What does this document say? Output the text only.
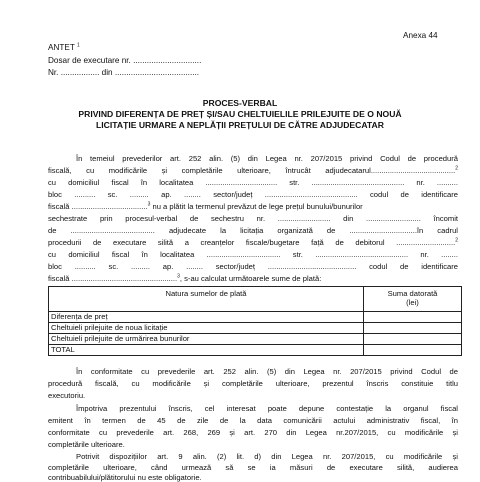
Anexa 44
ANTET $^1$
Dosar de executare nr. ..............................
Nr. ................. din .....................................
PROCES-VERBAL
PRIVIND DIFERENȚA DE PREȚ ȘI/SAU CHELTUIELILE PRILEJUITE DE O NOUĂ
LICITAȚIE URMARE A NEPLĂȚII PREȚULUI DE CĂTRE ADJUDECATAR
În temeiul prevederilor art. 252 alin. (5) din Legea nr. 207/2015 privind Codul de procedură
fiscală, cu modificările și completările ulterioare, întrucât adjudecatarul........................................$^2$
cu domiciliul fiscal în localitatea .................................. str. ............................................ nr. ..........
bloc .......... sc. ......... ap. ........ sector/județ ............................................ codul de identificare
fiscală ....................................$^3$ nu a plătit la termenul prevăzut de lege prețul bunului/bunurilor
sechestrate prin procesul-verbal de sechestru nr. ......................... din .......................... încomit
de ........................................ adjudecate la licitația organizată de ................................în cadrul
procedurii de executare silită a creanțelor fiscale/bugetare față de debitorul ............................$^2$
cu domiciliul fiscal în localitatea ................................... str. ............................................ nr. ........
bloc .......... sc. ......... ap. ........ sector/județ .......................................... codul de identificare
fiscală ..................................................$^3$, s-au calculat următoarele sume de plată:
Natura sumelor de plată	Suma datorată
(lei)
Diferența de preț	
Cheltuieli prilejuite de noua licitație	
Cheltuieli prilejuite de urmărirea bunurilor	
TOTAL	
În conformitate cu prevederile art. 252 alin. (5) din Legea nr. 207/2015 privind Codul de
procedură fiscală, cu modificările și completările ulterioare, prezentul înscris constituie titlu
executoriu.
Împotriva prezentului înscris, cel interesat poate depune contestație la organul fiscal
emitent în termen de 45 de zile de la data comunicării actului administrativ fiscal, în
conformitate cu prevederile art. 268, 269 și art. 270 din Legea nr.207/2015, cu modificările și
completările ulterioare.
Potrivit dispozițiilor art. 9 alin. (2) lit. d) din Legea nr. 207/2015, cu modificările și
completările ulterioare, când urmează să se ia măsuri de executare silită, audierea
contribuabilului/plătitorului nu este obligatorie.
